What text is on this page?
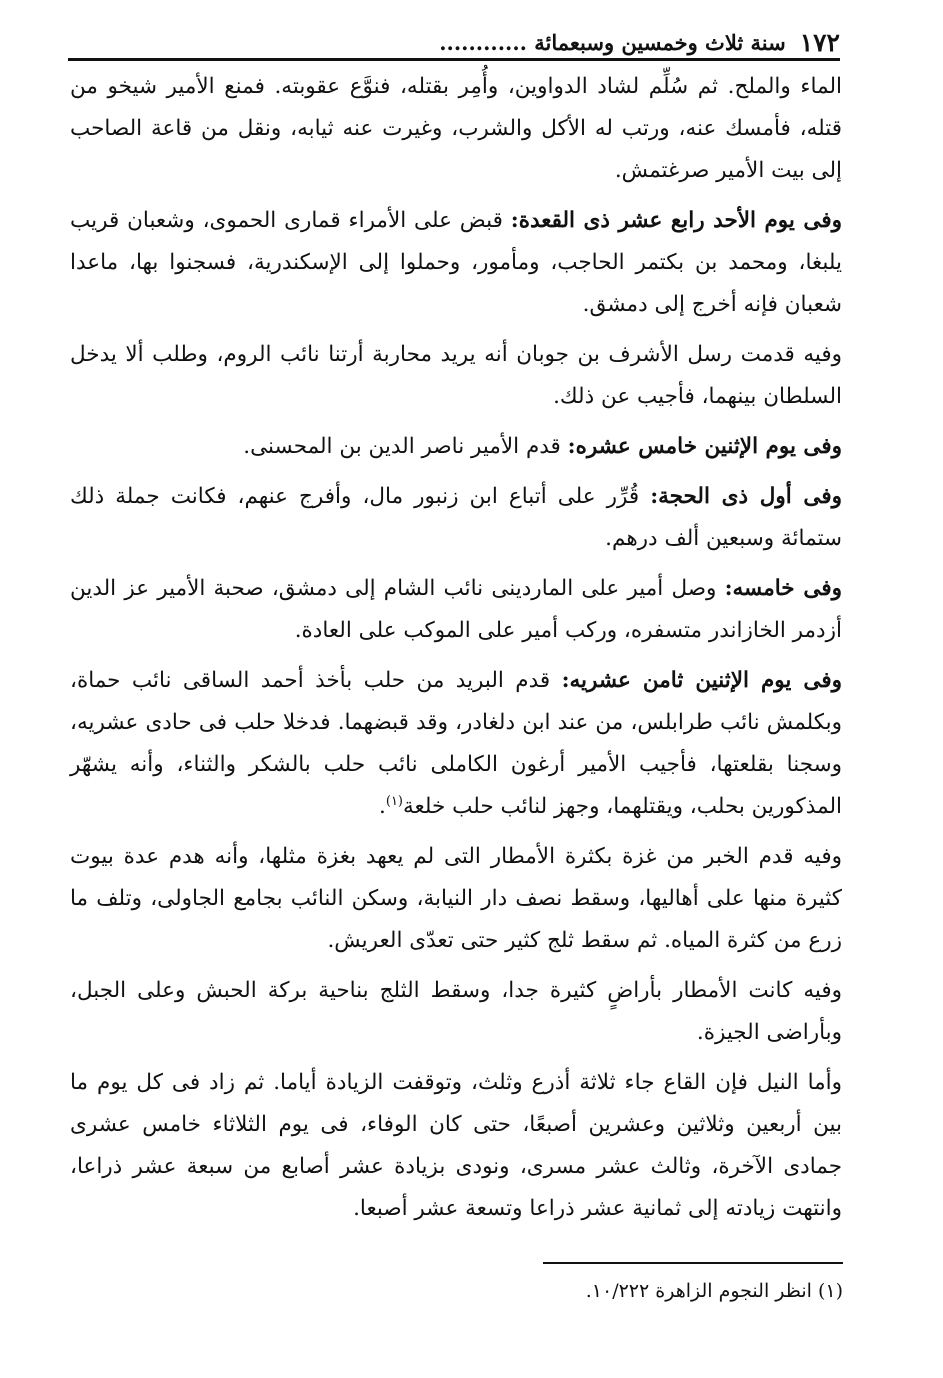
١٧٢
سنة ثلاث وخمسين وسبعمائة ............

الماء والملح. ثم سُلِّم لشاد الدواوين، وأُمِر بقتله، فنوَّع عقوبته. فمنع الأمير شيخو من قتله، فأمسك عنه، ورتب له الأكل والشرب، وغيرت عنه ثيابه، ونقل من قاعة الصاحب إلى بيت الأمير صرغتمش.

وفى يوم الأحد رابع عشر ذى القعدة: قبض على الأمراء قمارى الحموى، وشعبان قريب يلبغا، ومحمد بن بكتمر الحاجب، ومأمور، وحملوا إلى الإسكندرية، فسجنوا بها، ماعدا شعبان فإنه أخرج إلى دمشق.

وفيه قدمت رسل الأشرف بن جوبان أنه يريد محاربة أرتنا نائب الروم، وطلب ألا يدخل السلطان بينهما، فأجيب عن ذلك.

وفى يوم الإثنين خامس عشره: قدم الأمير ناصر الدين بن المحسنى.

وفى أول ذى الحجة: قُرِّر على أتباع ابن زنبور مال، وأفرج عنهم، فكانت جملة ذلك ستمائة وسبعين ألف درهم.

وفى خامسه: وصل أمير على الماردينى نائب الشام إلى دمشق، صحبة الأمير عز الدين أزدمر الخازاندر متسفره، وركب أمير على الموكب على العادة.

وفى يوم الإثنين ثامن عشريه: قدم البريد من حلب بأخذ أحمد الساقى نائب حماة، وبكلمش نائب طرابلس، من عند ابن دلغادر، وقد قبضهما. فدخلا حلب فى حادى عشريه، وسجنا بقلعتها، فأجيب الأمير أرغون الكاملى نائب حلب بالشكر والثناء، وأنه يشهّر المذكورين بحلب، ويقتلهما، وجهز لنائب حلب خلعة$^{(١)}$.

وفيه قدم الخبر من غزة بكثرة الأمطار التى لم يعهد بغزة مثلها، وأنه هدم عدة بيوت كثيرة منها على أهاليها، وسقط نصف دار النيابة، وسكن النائب بجامع الجاولى، وتلف ما زرع من كثرة المياه. ثم سقط ثلج كثير حتى تعدّى العريش.

وفيه كانت الأمطار بأراضٍ كثيرة جدا، وسقط الثلج بناحية بركة الحبش وعلى الجبل، وبأراضى الجيزة.

وأما النيل فإن القاع جاء ثلاثة أذرع وثلث، وتوقفت الزيادة أياما. ثم زاد فى كل يوم ما بين أربعين وثلاثين وعشرين أصبعًا، حتى كان الوفاء، فى يوم الثلاثاء خامس عشرى جمادى الآخرة، وثالث عشر مسرى، ونودى بزيادة عشر أصابع من سبعة عشر ذراعا، وانتهت زيادته إلى ثمانية عشر ذراعا وتسعة عشر أصبعا.

(١) انظر النجوم الزاهرة ١٠/٢٢٢.
